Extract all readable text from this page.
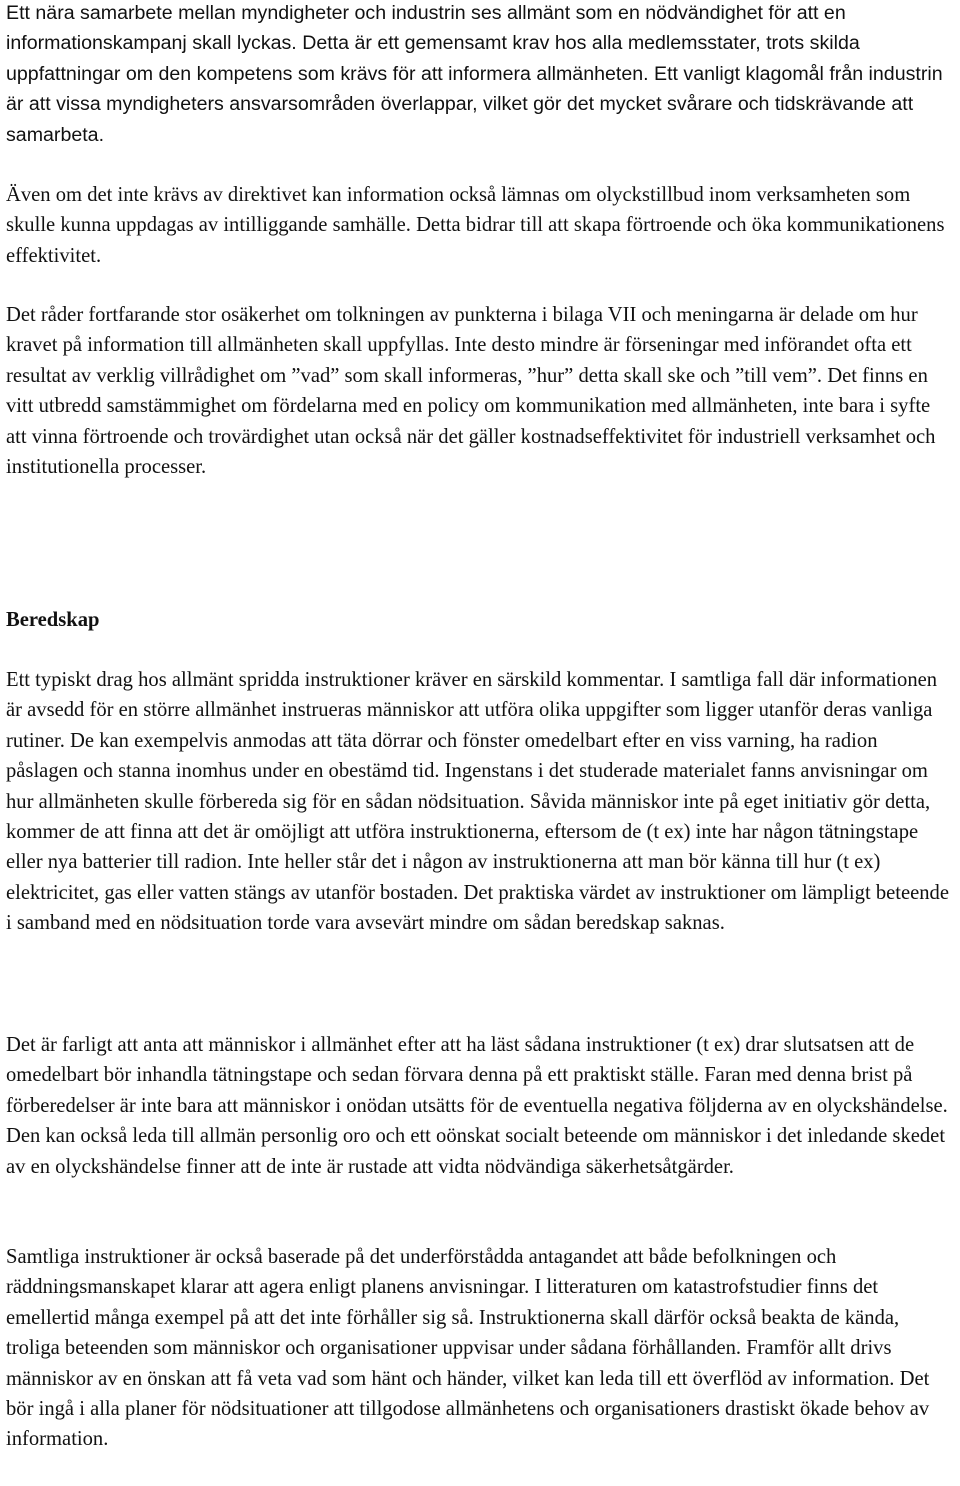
Ett nära samarbete mellan myndigheter och industrin ses allmänt som en nödvändighet för att en informationskampanj skall lyckas. Detta är ett gemensamt krav hos alla medlemsstater, trots skilda uppfattningar om den kompetens som krävs för att informera allmänheten. Ett vanligt klagomål från industrin är att vissa myndigheters ansvarsområden överlappar, vilket gör det mycket svårare och tidskrävande att samarbeta.

Även om det inte krävs av direktivet kan information också lämnas om olyckstillbud inom verksamheten som skulle kunna uppdagas av intilliggande samhälle. Detta bidrar till att skapa förtroende och öka kommunikationens effektivitet.

Det råder fortfarande stor osäkerhet om tolkningen av punkterna i bilaga VII och meningarna är delade om hur kravet på information till allmänheten skall uppfyllas. Inte desto mindre är förseningar med införandet ofta ett resultat av verklig villrådighet om ”vad” som skall informeras, ”hur” detta skall ske och ”till vem”. Det finns en vitt utbredd samstämmighet om fördelarna med en policy om kommunikation med allmänheten, inte bara i syfte att vinna förtroende och trovärdighet utan också när det gäller kostnadseffektivitet för industriell verksamhet och institutionella processer.

Beredskap

Ett typiskt drag hos allmänt spridda instruktioner kräver en särskild kommentar. I samtliga fall där informationen är avsedd för en större allmänhet instrueras människor att utföra olika uppgifter som ligger utanför deras vanliga rutiner. De kan exempelvis anmodas att täta dörrar och fönster omedelbart efter en viss varning, ha radion påslagen och stanna inomhus under en obestämd tid. Ingenstans i det studerade materialet fanns anvisningar om hur allmänheten skulle förbereda sig för en sådan nödsituation. Såvida människor inte på eget initiativ gör detta, kommer de att finna att det är omöjligt att utföra instruktionerna, eftersom de (t ex) inte har någon tätningstape eller nya batterier till radion. Inte heller står det i någon av instruktionerna att man bör känna till hur (t ex) elektricitet, gas eller vatten stängs av utanför bostaden. Det praktiska värdet av instruktioner om lämpligt beteende i samband med en nödsituation torde vara avsevärt mindre om sådan beredskap saknas.

Det är farligt att anta att människor i allmänhet efter att ha läst sådana instruktioner (t ex) drar slutsatsen att de omedelbart bör inhandla tätningstape och sedan förvara denna på ett praktiskt ställe. Faran med denna brist på förberedelser är inte bara att människor i onödan utsätts för de eventuella negativa följderna av en olyckshändelse. Den kan också leda till allmän personlig oro och ett oönskat socialt beteende om människor i det inledande skedet av en olyckshändelse finner att de inte är rustade att vidta nödvändiga säkerhetsåtgärder.

Samtliga instruktioner är också baserade på det underförstådda antagandet att både befolkningen och räddningsmanskapet klarar att agera enligt planens anvisningar. I litteraturen om katastrofstudier finns det emellertid många exempel på att det inte förhåller sig så. Instruktionerna skall därför också beakta de kända, troliga beteenden som människor och organisationer uppvisar under sådana förhållanden. Framför allt drivs människor av en önskan att få veta vad som hänt och händer, vilket kan leda till ett överflöd av information. Det bör ingå i alla planer för nödsituationer att tillgodose allmänhetens och organisationers drastiskt ökade behov av information.
